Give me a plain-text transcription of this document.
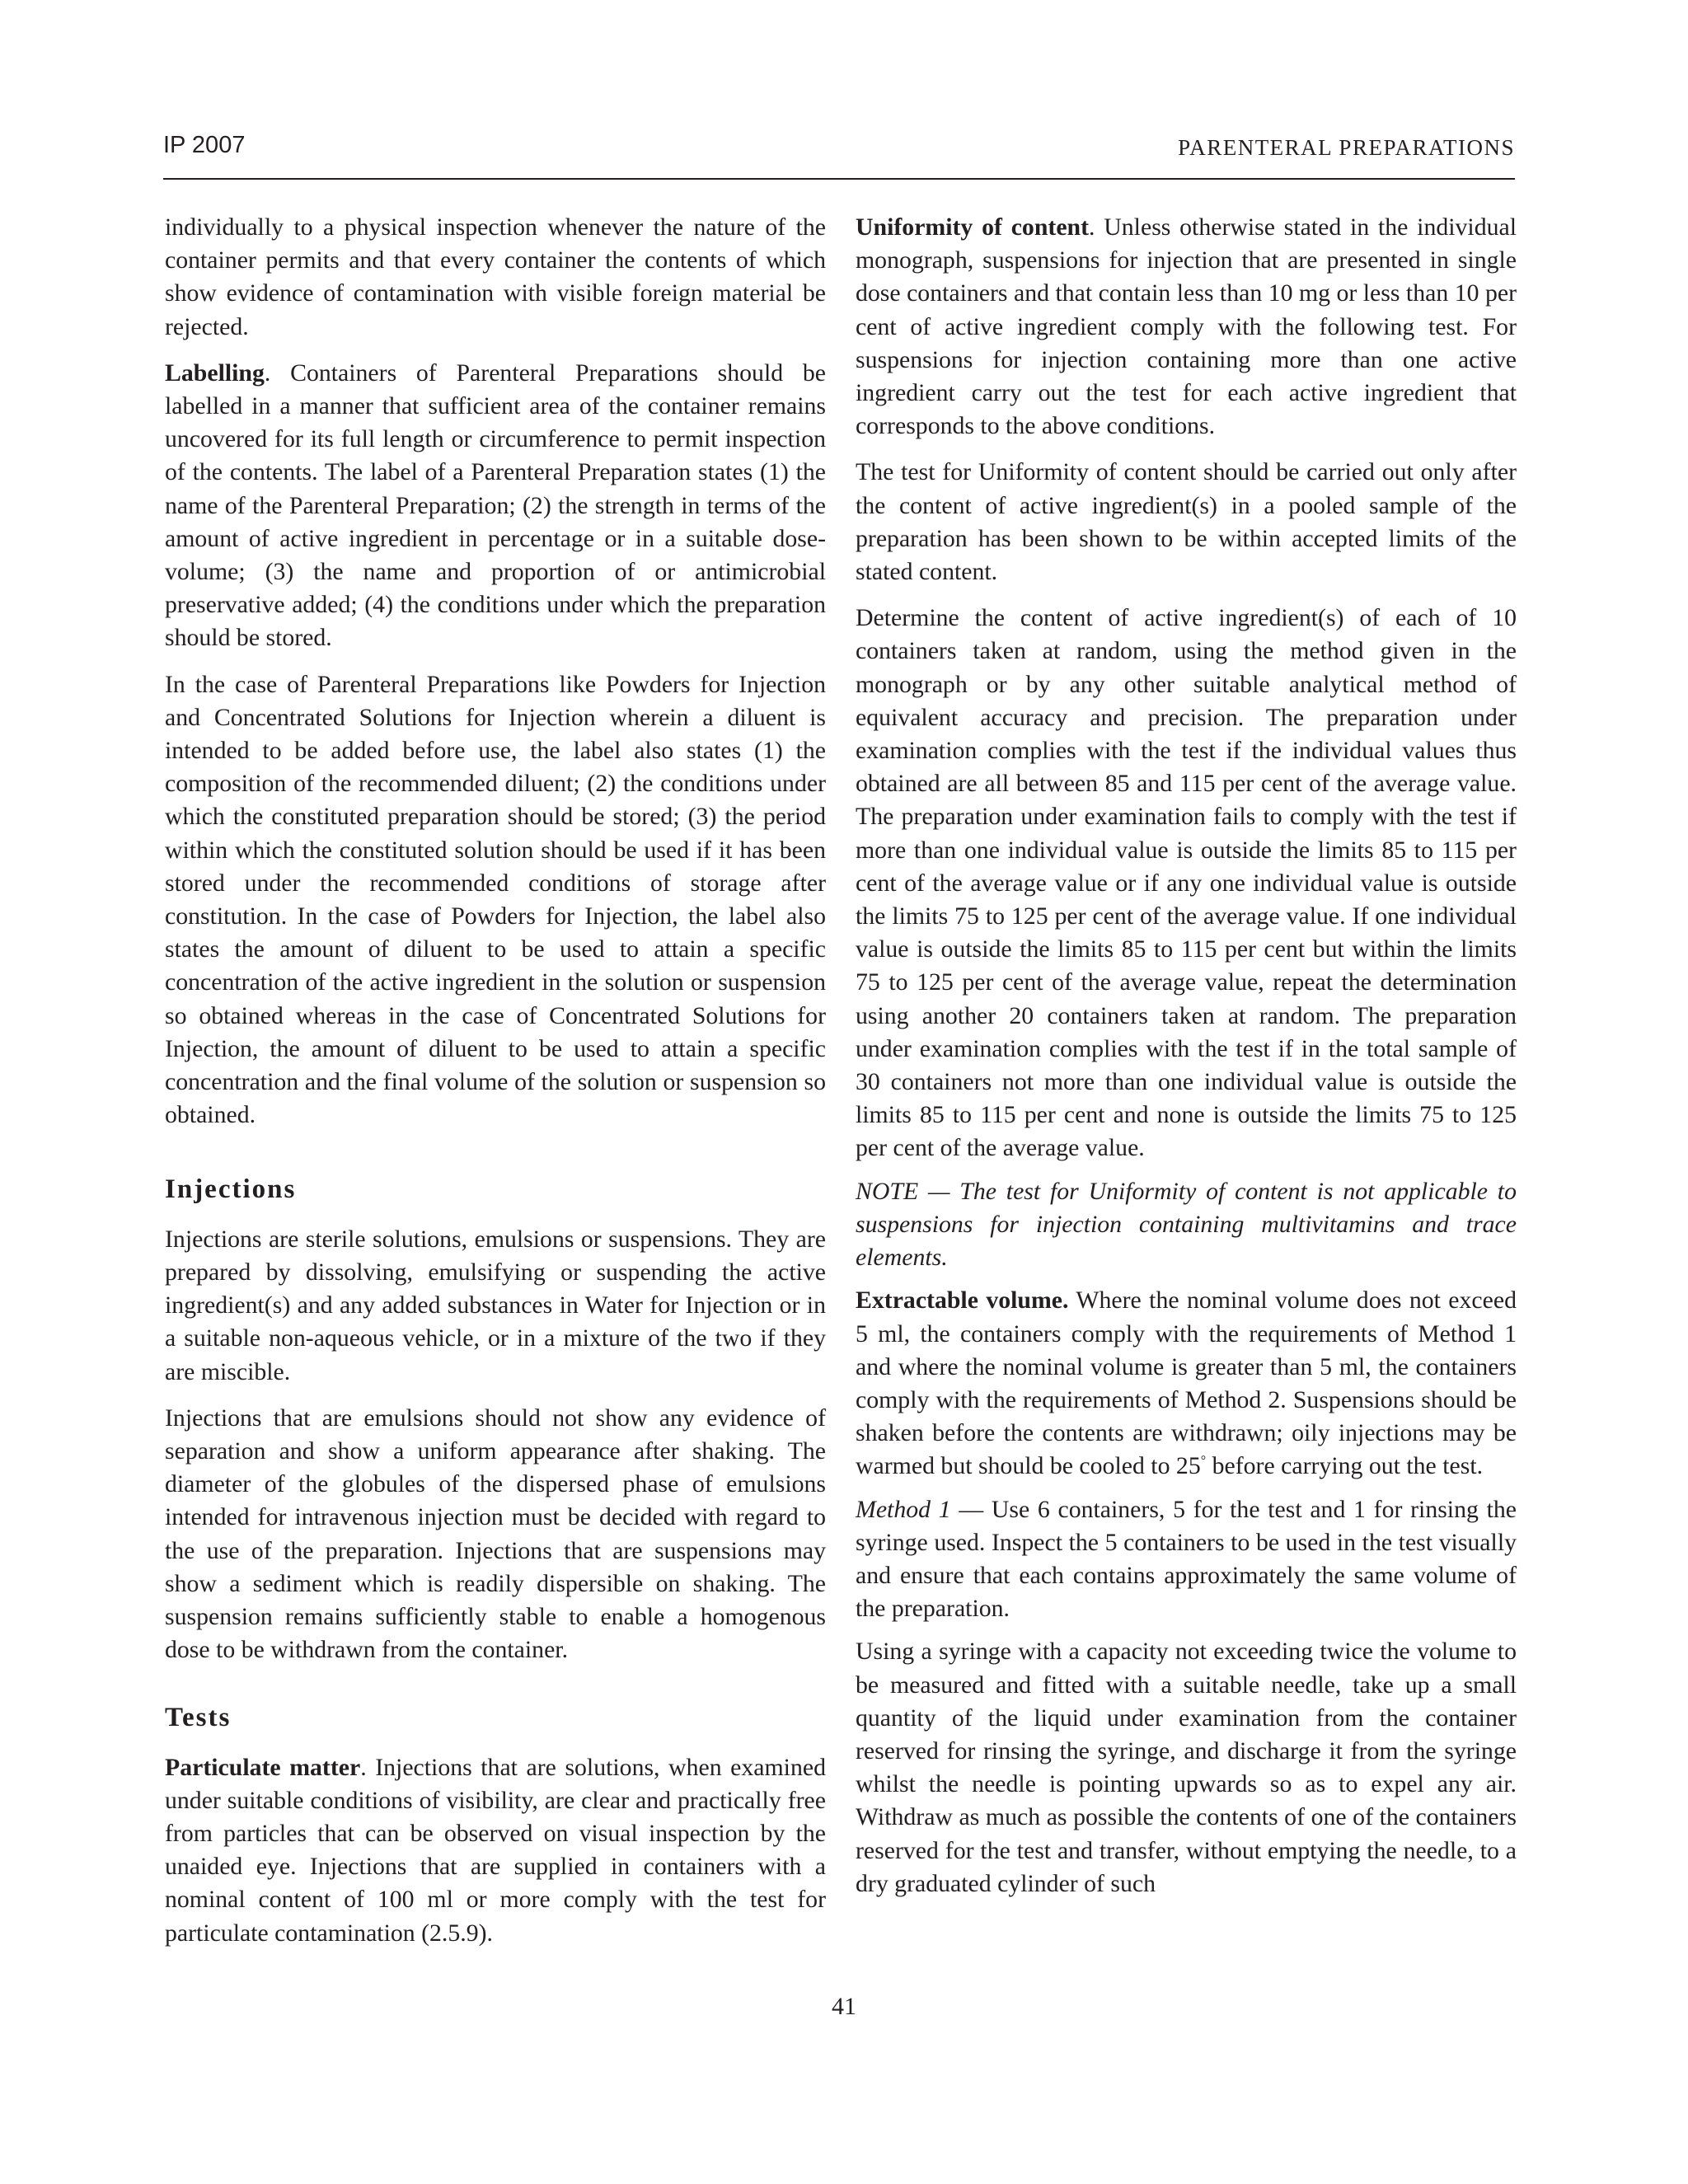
IP 2007	PARENTERAL PREPARATIONS

individually to a physical inspection whenever the nature of the container permits and that every container the contents of which show evidence of contamination with visible foreign material be rejected.

Labelling. Containers of Parenteral Preparations should be labelled in a manner that sufficient area of the container remains uncovered for its full length or circumference to permit inspection of the contents. The label of a Parenteral Preparation states (1) the name of the Parenteral Preparation; (2) the strength in terms of the amount of active ingredient in percentage or in a suitable dose-volume; (3) the name and proportion of or antimicrobial preservative added; (4) the conditions under which the preparation should be stored.

In the case of Parenteral Preparations like Powders for Injection and Concentrated Solutions for Injection wherein a diluent is intended to be added before use, the label also states (1) the composition of the recommended diluent; (2) the conditions under which the constituted preparation should be stored; (3) the period within which the constituted solution should be used if it has been stored under the recommended conditions of storage after constitution. In the case of Powders for Injection, the label also states the amount of diluent to be used to attain a specific concentration of the active ingredient in the solution or suspension so obtained whereas in the case of Concentrated Solutions for Injection, the amount of diluent to be used to attain a specific concentration and the final volume of the solution or suspension so obtained.

Injections

Injections are sterile solutions, emulsions or suspensions. They are prepared by dissolving, emulsifying or suspending the active ingredient(s) and any added substances in Water for Injection or in a suitable non-aqueous vehicle, or in a mixture of the two if they are miscible.

Injections that are emulsions should not show any evidence of separation and show a uniform appearance after shaking. The diameter of the globules of the dispersed phase of emulsions intended for intravenous injection must be decided with regard to the use of the preparation. Injections that are suspensions may show a sediment which is readily dispersible on shaking. The suspension remains sufficiently stable to enable a homogenous dose to be withdrawn from the container.

Tests

Particulate matter. Injections that are solutions, when examined under suitable conditions of visibility, are clear and practically free from particles that can be observed on visual inspection by the unaided eye. Injections that are supplied in containers with a nominal content of 100 ml or more comply with the test for particulate contamination (2.5.9).

Uniformity of content. Unless otherwise stated in the individual monograph, suspensions for injection that are presented in single dose containers and that contain less than 10 mg or less than 10 per cent of active ingredient comply with the following test. For suspensions for injection containing more than one active ingredient carry out the test for each active ingredient that corresponds to the above conditions.

The test for Uniformity of content should be carried out only after the content of active ingredient(s) in a pooled sample of the preparation has been shown to be within accepted limits of the stated content.

Determine the content of active ingredient(s) of each of 10 containers taken at random, using the method given in the monograph or by any other suitable analytical method of equivalent accuracy and precision. The preparation under examination complies with the test if the individual values thus obtained are all between 85 and 115 per cent of the average value. The preparation under examination fails to comply with the test if more than one individual value is outside the limits 85 to 115 per cent of the average value or if any one individual value is outside the limits 75 to 125 per cent of the average value. If one individual value is outside the limits 85 to 115 per cent but within the limits 75 to 125 per cent of the average value, repeat the determination using another 20 containers taken at random. The preparation under examination complies with the test if in the total sample of 30 containers not more than one individual value is outside the limits 85 to 115 per cent and none is outside the limits 75 to 125 per cent of the average value.

NOTE — The test for Uniformity of content is not applicable to suspensions for injection containing multivitamins and trace elements.

Extractable volume. Where the nominal volume does not exceed 5 ml, the containers comply with the requirements of Method 1 and where the nominal volume is greater than 5 ml, the containers comply with the requirements of Method 2. Suspensions should be shaken before the contents are withdrawn; oily injections may be warmed but should be cooled to 25° before carrying out the test.

Method 1 — Use 6 containers, 5 for the test and 1 for rinsing the syringe used. Inspect the 5 containers to be used in the test visually and ensure that each contains approximately the same volume of the preparation.

Using a syringe with a capacity not exceeding twice the volume to be measured and fitted with a suitable needle, take up a small quantity of the liquid under examination from the container reserved for rinsing the syringe, and discharge it from the syringe whilst the needle is pointing upwards so as to expel any air. Withdraw as much as possible the contents of one of the containers reserved for the test and transfer, without emptying the needle, to a dry graduated cylinder of such

41
